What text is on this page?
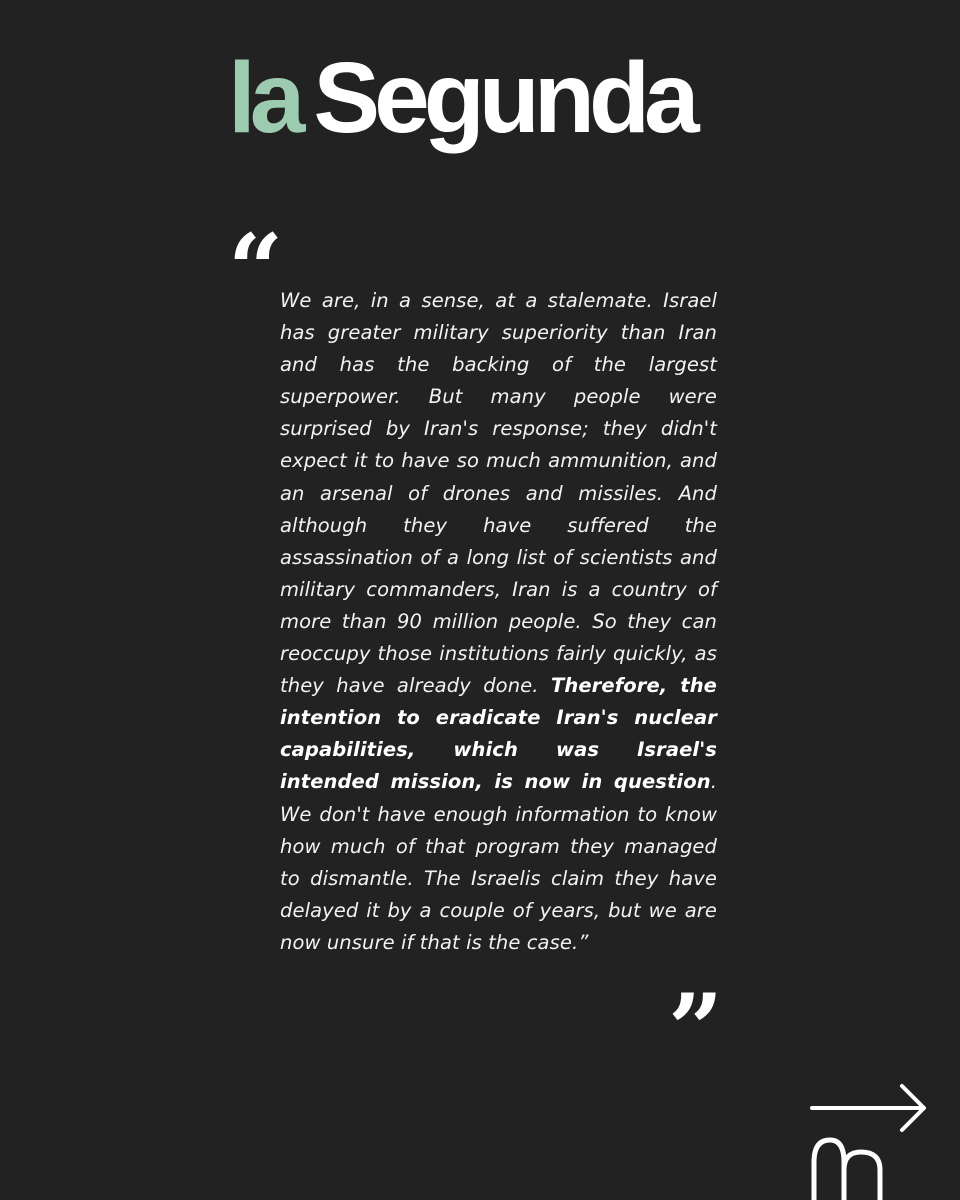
la Segunda
“
We are, in a sense, at a stalemate. Israel has greater military superiority than Iran and has the backing of the largest superpower. But many people were surprised by Iran's response; they didn't expect it to have so much ammunition, and an arsenal of drones and missiles. And although they have suffered the assassination of a long list of scientists and military commanders, Iran is a country of more than 90 million people. So they can reoccupy those institutions fairly quickly, as they have already done. Therefore, the intention to eradicate Iran's nuclear capabilities, which was Israel's intended mission, is now in question. We don't have enough information to know how much of that program they managed to dismantle. The Israelis claim they have delayed it by a couple of years, but we are now unsure if that is the case.”
”
